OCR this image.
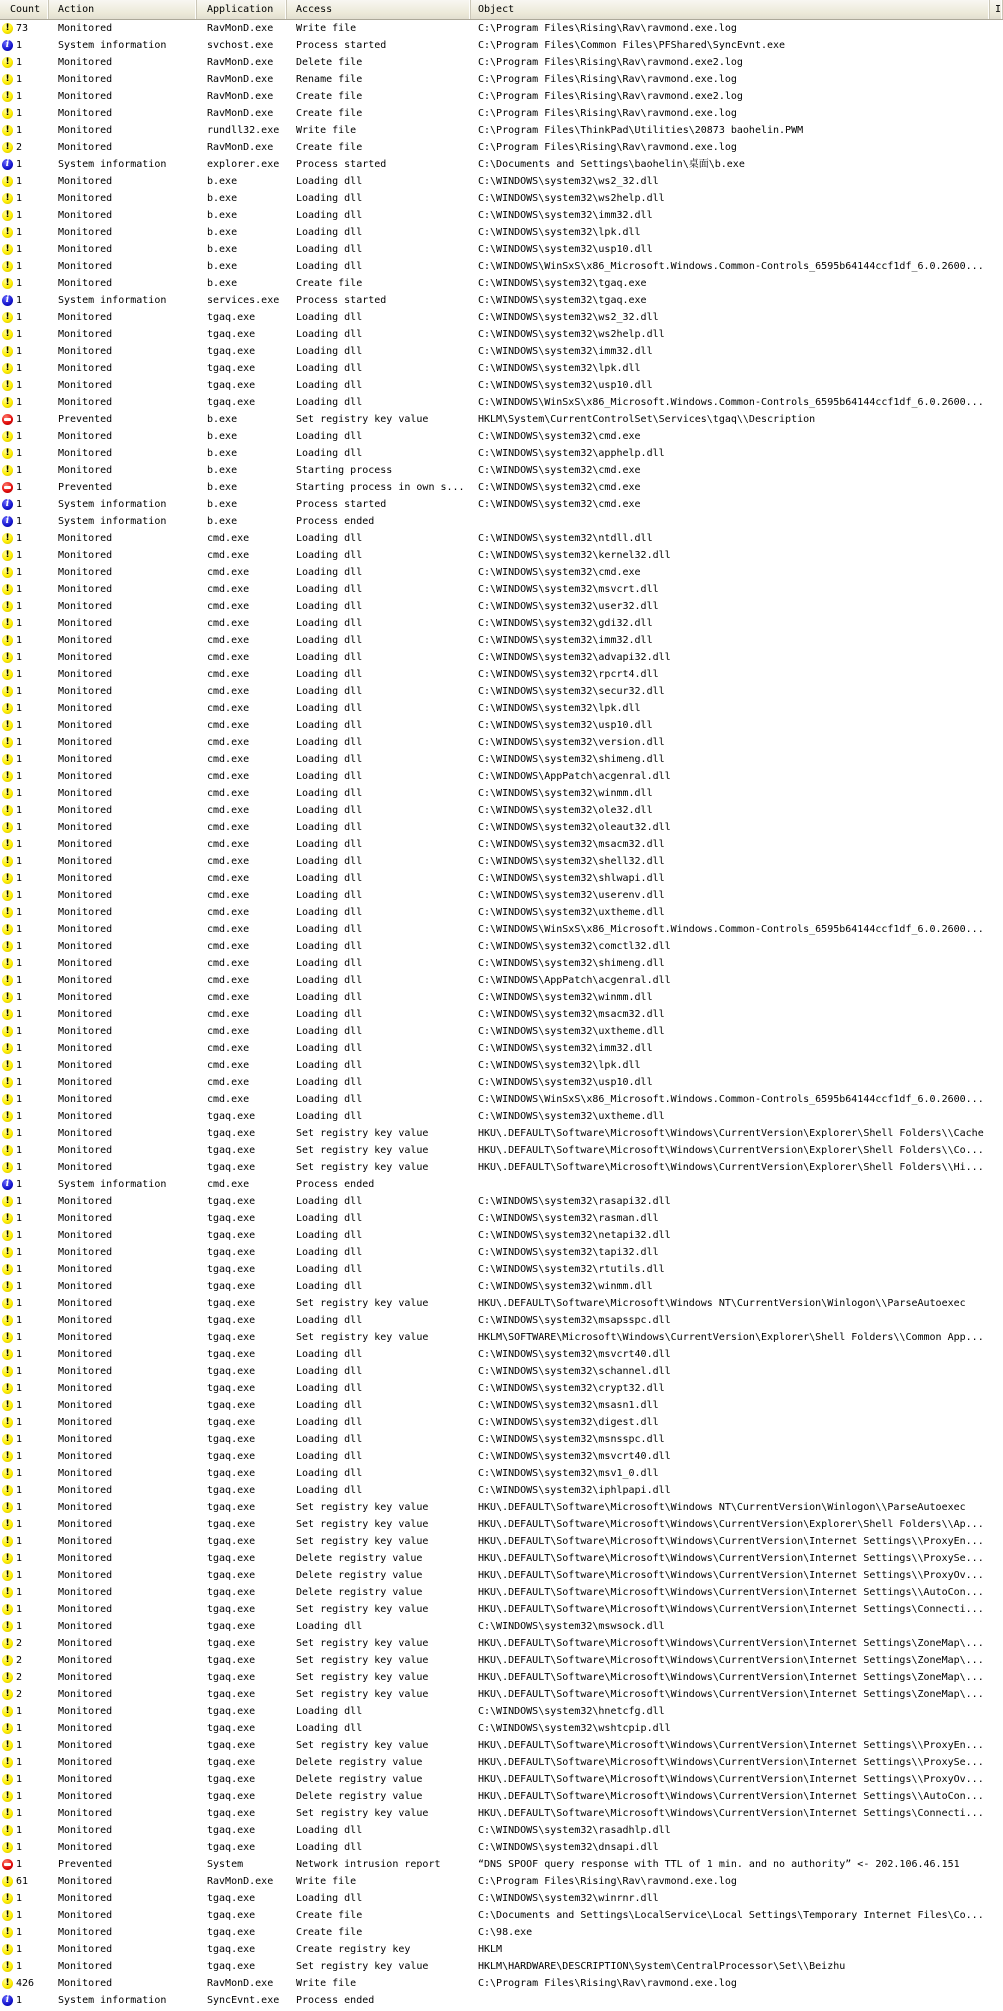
Count	Action	Application	Access	Object	I
! 73	Monitored	RavMonD.exe	Write file	C:\Program Files\Rising\Rav\ravmond.exe.log
i 1	System information	svchost.exe	Process started	C:\Program Files\Common Files\PFShared\SyncEvnt.exe
! 1	Monitored	RavMonD.exe	Delete file	C:\Program Files\Rising\Rav\ravmond.exe2.log
! 1	Monitored	RavMonD.exe	Rename file	C:\Program Files\Rising\Rav\ravmond.exe.log
! 1	Monitored	RavMonD.exe	Create file	C:\Program Files\Rising\Rav\ravmond.exe2.log
! 1	Monitored	RavMonD.exe	Create file	C:\Program Files\Rising\Rav\ravmond.exe.log
! 1	Monitored	rundll32.exe	Write file	C:\Program Files\ThinkPad\Utilities\20873 baohelin.PWM
! 2	Monitored	RavMonD.exe	Create file	C:\Program Files\Rising\Rav\ravmond.exe.log
i 1	System information	explorer.exe	Process started	C:\Documents and Settings\baohelin\桌面\b.exe
! 1	Monitored	b.exe	Loading dll	C:\WINDOWS\system32\ws2_32.dll
! 1	Monitored	b.exe	Loading dll	C:\WINDOWS\system32\ws2help.dll
! 1	Monitored	b.exe	Loading dll	C:\WINDOWS\system32\imm32.dll
! 1	Monitored	b.exe	Loading dll	C:\WINDOWS\system32\lpk.dll
! 1	Monitored	b.exe	Loading dll	C:\WINDOWS\system32\usp10.dll
! 1	Monitored	b.exe	Loading dll	C:\WINDOWS\WinSxS\x86_Microsoft.Windows.Common-Controls_6595b64144ccf1df_6.0.2600...
! 1	Monitored	b.exe	Create file	C:\WINDOWS\system32\tgaq.exe
i 1	System information	services.exe	Process started	C:\WINDOWS\system32\tgaq.exe
! 1	Monitored	tgaq.exe	Loading dll	C:\WINDOWS\system32\ws2_32.dll
! 1	Monitored	tgaq.exe	Loading dll	C:\WINDOWS\system32\ws2help.dll
! 1	Monitored	tgaq.exe	Loading dll	C:\WINDOWS\system32\imm32.dll
! 1	Monitored	tgaq.exe	Loading dll	C:\WINDOWS\system32\lpk.dll
! 1	Monitored	tgaq.exe	Loading dll	C:\WINDOWS\system32\usp10.dll
! 1	Monitored	tgaq.exe	Loading dll	C:\WINDOWS\WinSxS\x86_Microsoft.Windows.Common-Controls_6595b64144ccf1df_6.0.2600...
1	Prevented	b.exe	Set registry key value	HKLM\System\CurrentControlSet\Services\tgaq\\Description
! 1	Monitored	b.exe	Loading dll	C:\WINDOWS\system32\cmd.exe
! 1	Monitored	b.exe	Loading dll	C:\WINDOWS\system32\apphelp.dll
! 1	Monitored	b.exe	Starting process	C:\WINDOWS\system32\cmd.exe
1	Prevented	b.exe	Starting process in own s...	C:\WINDOWS\system32\cmd.exe
i 1	System information	b.exe	Process started	C:\WINDOWS\system32\cmd.exe
i 1	System information	b.exe	Process ended
! 1	Monitored	cmd.exe	Loading dll	C:\WINDOWS\system32\ntdll.dll
! 1	Monitored	cmd.exe	Loading dll	C:\WINDOWS\system32\kernel32.dll
! 1	Monitored	cmd.exe	Loading dll	C:\WINDOWS\system32\cmd.exe
! 1	Monitored	cmd.exe	Loading dll	C:\WINDOWS\system32\msvcrt.dll
! 1	Monitored	cmd.exe	Loading dll	C:\WINDOWS\system32\user32.dll
! 1	Monitored	cmd.exe	Loading dll	C:\WINDOWS\system32\gdi32.dll
! 1	Monitored	cmd.exe	Loading dll	C:\WINDOWS\system32\imm32.dll
! 1	Monitored	cmd.exe	Loading dll	C:\WINDOWS\system32\advapi32.dll
! 1	Monitored	cmd.exe	Loading dll	C:\WINDOWS\system32\rpcrt4.dll
! 1	Monitored	cmd.exe	Loading dll	C:\WINDOWS\system32\secur32.dll
! 1	Monitored	cmd.exe	Loading dll	C:\WINDOWS\system32\lpk.dll
! 1	Monitored	cmd.exe	Loading dll	C:\WINDOWS\system32\usp10.dll
! 1	Monitored	cmd.exe	Loading dll	C:\WINDOWS\system32\version.dll
! 1	Monitored	cmd.exe	Loading dll	C:\WINDOWS\system32\shimeng.dll
! 1	Monitored	cmd.exe	Loading dll	C:\WINDOWS\AppPatch\acgenral.dll
! 1	Monitored	cmd.exe	Loading dll	C:\WINDOWS\system32\winmm.dll
! 1	Monitored	cmd.exe	Loading dll	C:\WINDOWS\system32\ole32.dll
! 1	Monitored	cmd.exe	Loading dll	C:\WINDOWS\system32\oleaut32.dll
! 1	Monitored	cmd.exe	Loading dll	C:\WINDOWS\system32\msacm32.dll
! 1	Monitored	cmd.exe	Loading dll	C:\WINDOWS\system32\shell32.dll
! 1	Monitored	cmd.exe	Loading dll	C:\WINDOWS\system32\shlwapi.dll
! 1	Monitored	cmd.exe	Loading dll	C:\WINDOWS\system32\userenv.dll
! 1	Monitored	cmd.exe	Loading dll	C:\WINDOWS\system32\uxtheme.dll
! 1	Monitored	cmd.exe	Loading dll	C:\WINDOWS\WinSxS\x86_Microsoft.Windows.Common-Controls_6595b64144ccf1df_6.0.2600...
! 1	Monitored	cmd.exe	Loading dll	C:\WINDOWS\system32\comctl32.dll
! 1	Monitored	cmd.exe	Loading dll	C:\WINDOWS\system32\shimeng.dll
! 1	Monitored	cmd.exe	Loading dll	C:\WINDOWS\AppPatch\acgenral.dll
! 1	Monitored	cmd.exe	Loading dll	C:\WINDOWS\system32\winmm.dll
! 1	Monitored	cmd.exe	Loading dll	C:\WINDOWS\system32\msacm32.dll
! 1	Monitored	cmd.exe	Loading dll	C:\WINDOWS\system32\uxtheme.dll
! 1	Monitored	cmd.exe	Loading dll	C:\WINDOWS\system32\imm32.dll
! 1	Monitored	cmd.exe	Loading dll	C:\WINDOWS\system32\lpk.dll
! 1	Monitored	cmd.exe	Loading dll	C:\WINDOWS\system32\usp10.dll
! 1	Monitored	cmd.exe	Loading dll	C:\WINDOWS\WinSxS\x86_Microsoft.Windows.Common-Controls_6595b64144ccf1df_6.0.2600...
! 1	Monitored	tgaq.exe	Loading dll	C:\WINDOWS\system32\uxtheme.dll
! 1	Monitored	tgaq.exe	Set registry key value	HKU\.DEFAULT\Software\Microsoft\Windows\CurrentVersion\Explorer\Shell Folders\\Cache
! 1	Monitored	tgaq.exe	Set registry key value	HKU\.DEFAULT\Software\Microsoft\Windows\CurrentVersion\Explorer\Shell Folders\\Co...
! 1	Monitored	tgaq.exe	Set registry key value	HKU\.DEFAULT\Software\Microsoft\Windows\CurrentVersion\Explorer\Shell Folders\\Hi...
i 1	System information	cmd.exe	Process ended
! 1	Monitored	tgaq.exe	Loading dll	C:\WINDOWS\system32\rasapi32.dll
! 1	Monitored	tgaq.exe	Loading dll	C:\WINDOWS\system32\rasman.dll
! 1	Monitored	tgaq.exe	Loading dll	C:\WINDOWS\system32\netapi32.dll
! 1	Monitored	tgaq.exe	Loading dll	C:\WINDOWS\system32\tapi32.dll
! 1	Monitored	tgaq.exe	Loading dll	C:\WINDOWS\system32\rtutils.dll
! 1	Monitored	tgaq.exe	Loading dll	C:\WINDOWS\system32\winmm.dll
! 1	Monitored	tgaq.exe	Set registry key value	HKU\.DEFAULT\Software\Microsoft\Windows NT\CurrentVersion\Winlogon\\ParseAutoexec
! 1	Monitored	tgaq.exe	Loading dll	C:\WINDOWS\system32\msapsspc.dll
! 1	Monitored	tgaq.exe	Set registry key value	HKLM\SOFTWARE\Microsoft\Windows\CurrentVersion\Explorer\Shell Folders\\Common App...
! 1	Monitored	tgaq.exe	Loading dll	C:\WINDOWS\system32\msvcrt40.dll
! 1	Monitored	tgaq.exe	Loading dll	C:\WINDOWS\system32\schannel.dll
! 1	Monitored	tgaq.exe	Loading dll	C:\WINDOWS\system32\crypt32.dll
! 1	Monitored	tgaq.exe	Loading dll	C:\WINDOWS\system32\msasn1.dll
! 1	Monitored	tgaq.exe	Loading dll	C:\WINDOWS\system32\digest.dll
! 1	Monitored	tgaq.exe	Loading dll	C:\WINDOWS\system32\msnsspc.dll
! 1	Monitored	tgaq.exe	Loading dll	C:\WINDOWS\system32\msvcrt40.dll
! 1	Monitored	tgaq.exe	Loading dll	C:\WINDOWS\system32\msv1_0.dll
! 1	Monitored	tgaq.exe	Loading dll	C:\WINDOWS\system32\iphlpapi.dll
! 1	Monitored	tgaq.exe	Set registry key value	HKU\.DEFAULT\Software\Microsoft\Windows NT\CurrentVersion\Winlogon\\ParseAutoexec
! 1	Monitored	tgaq.exe	Set registry key value	HKU\.DEFAULT\Software\Microsoft\Windows\CurrentVersion\Explorer\Shell Folders\\Ap...
! 1	Monitored	tgaq.exe	Set registry key value	HKU\.DEFAULT\Software\Microsoft\Windows\CurrentVersion\Internet Settings\\ProxyEn...
! 1	Monitored	tgaq.exe	Delete registry value	HKU\.DEFAULT\Software\Microsoft\Windows\CurrentVersion\Internet Settings\\ProxySe...
! 1	Monitored	tgaq.exe	Delete registry value	HKU\.DEFAULT\Software\Microsoft\Windows\CurrentVersion\Internet Settings\\ProxyOv...
! 1	Monitored	tgaq.exe	Delete registry value	HKU\.DEFAULT\Software\Microsoft\Windows\CurrentVersion\Internet Settings\\AutoCon...
! 1	Monitored	tgaq.exe	Set registry key value	HKU\.DEFAULT\Software\Microsoft\Windows\CurrentVersion\Internet Settings\Connecti...
! 1	Monitored	tgaq.exe	Loading dll	C:\WINDOWS\system32\mswsock.dll
! 2	Monitored	tgaq.exe	Set registry key value	HKU\.DEFAULT\Software\Microsoft\Windows\CurrentVersion\Internet Settings\ZoneMap\...
! 2	Monitored	tgaq.exe	Set registry key value	HKU\.DEFAULT\Software\Microsoft\Windows\CurrentVersion\Internet Settings\ZoneMap\...
! 2	Monitored	tgaq.exe	Set registry key value	HKU\.DEFAULT\Software\Microsoft\Windows\CurrentVersion\Internet Settings\ZoneMap\...
! 2	Monitored	tgaq.exe	Set registry key value	HKU\.DEFAULT\Software\Microsoft\Windows\CurrentVersion\Internet Settings\ZoneMap\...
! 1	Monitored	tgaq.exe	Loading dll	C:\WINDOWS\system32\hnetcfg.dll
! 1	Monitored	tgaq.exe	Loading dll	C:\WINDOWS\system32\wshtcpip.dll
! 1	Monitored	tgaq.exe	Set registry key value	HKU\.DEFAULT\Software\Microsoft\Windows\CurrentVersion\Internet Settings\\ProxyEn...
! 1	Monitored	tgaq.exe	Delete registry value	HKU\.DEFAULT\Software\Microsoft\Windows\CurrentVersion\Internet Settings\\ProxySe...
! 1	Monitored	tgaq.exe	Delete registry value	HKU\.DEFAULT\Software\Microsoft\Windows\CurrentVersion\Internet Settings\\ProxyOv...
! 1	Monitored	tgaq.exe	Delete registry value	HKU\.DEFAULT\Software\Microsoft\Windows\CurrentVersion\Internet Settings\\AutoCon...
! 1	Monitored	tgaq.exe	Set registry key value	HKU\.DEFAULT\Software\Microsoft\Windows\CurrentVersion\Internet Settings\Connecti...
! 1	Monitored	tgaq.exe	Loading dll	C:\WINDOWS\system32\rasadhlp.dll
! 1	Monitored	tgaq.exe	Loading dll	C:\WINDOWS\system32\dnsapi.dll
1	Prevented	System	Network intrusion report	“DNS SPOOF query response with TTL of 1 min. and no authority” <- 202.106.46.151
! 61	Monitored	RavMonD.exe	Write file	C:\Program Files\Rising\Rav\ravmond.exe.log
! 1	Monitored	tgaq.exe	Loading dll	C:\WINDOWS\system32\winrnr.dll
! 1	Monitored	tgaq.exe	Create file	C:\Documents and Settings\LocalService\Local Settings\Temporary Internet Files\Co...
! 1	Monitored	tgaq.exe	Create file	C:\98.exe
! 1	Monitored	tgaq.exe	Create registry key	HKLM
! 1	Monitored	tgaq.exe	Set registry key value	HKLM\HARDWARE\DESCRIPTION\System\CentralProcessor\Set\\Beizhu
! 426	Monitored	RavMonD.exe	Write file	C:\Program Files\Rising\Rav\ravmond.exe.log
i 1	System information	SyncEvnt.exe	Process ended
